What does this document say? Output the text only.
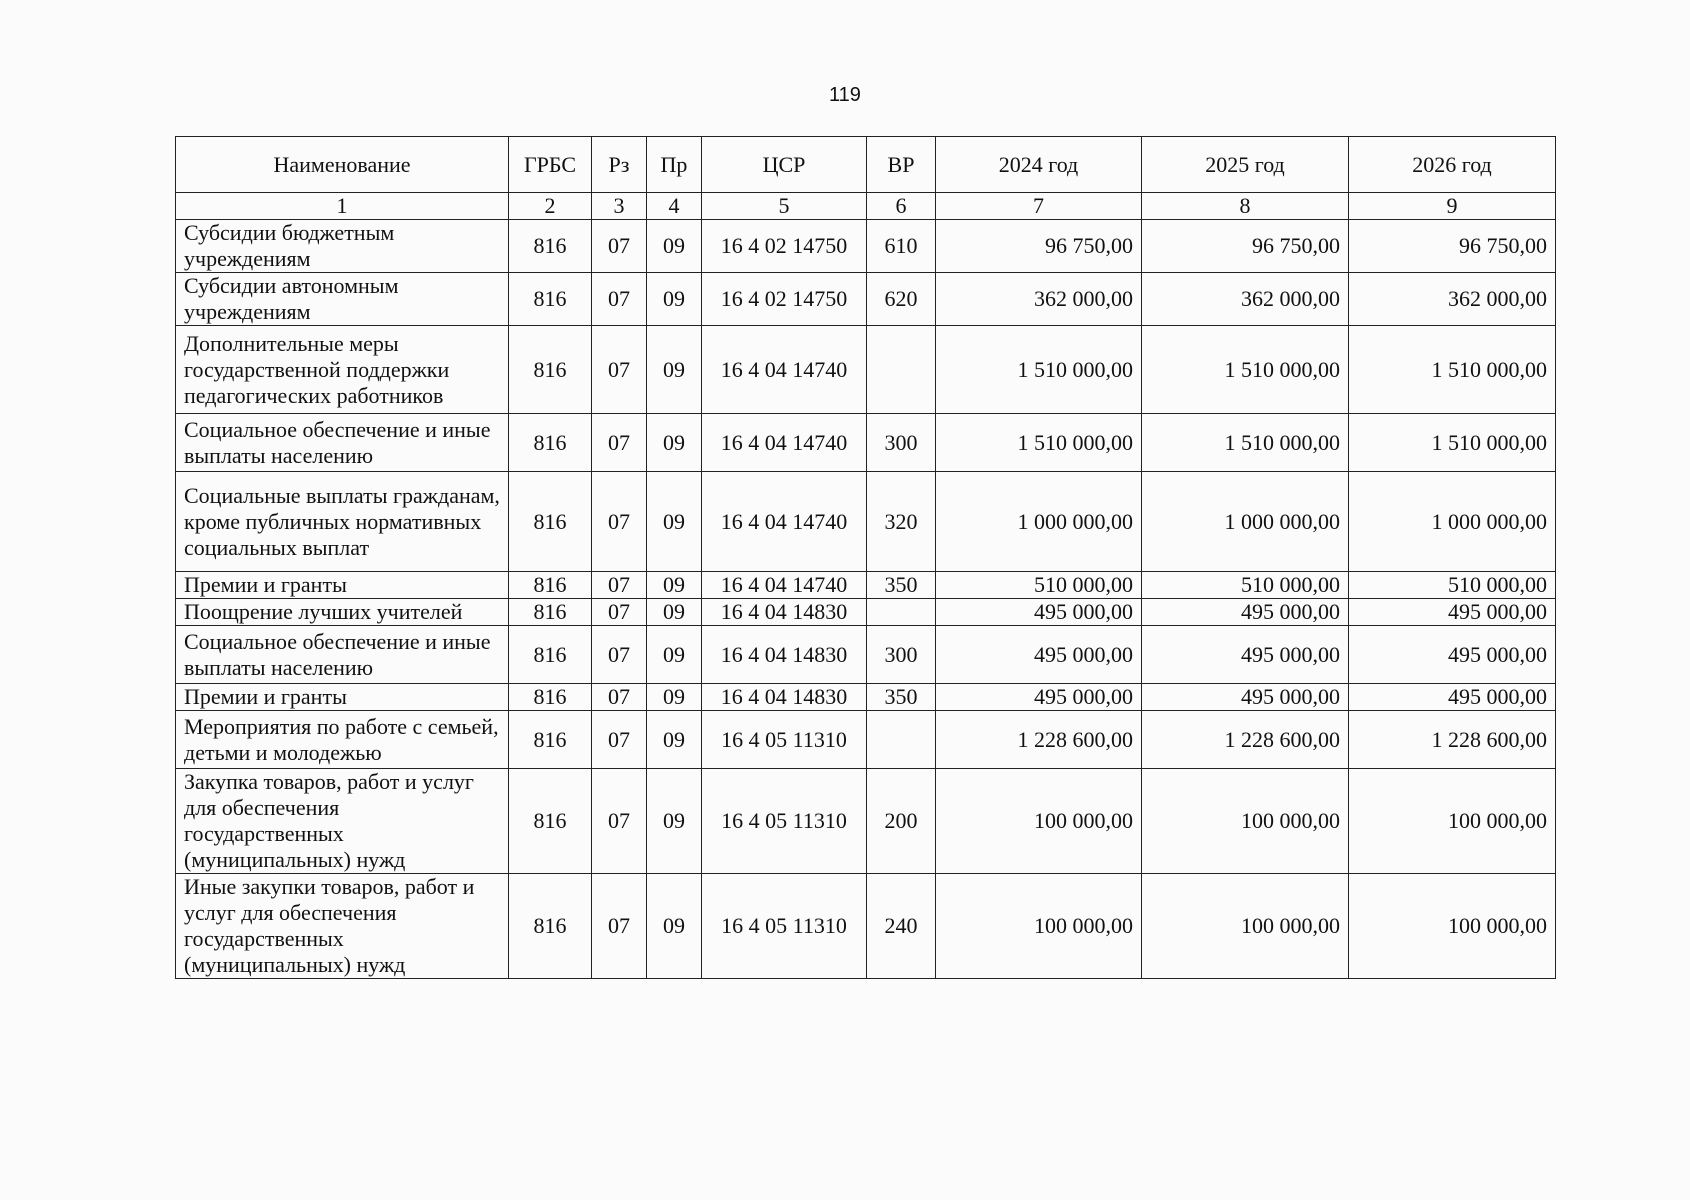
119
Наименование	ГРБС	Рз	Пр	ЦСР	ВР	2024 год	2025 год	2026 год
1	2	3	4	5	6	7	8	9
Субсидии бюджетным учреждениям	816	07	09	16 4 02 14750	610	96 750,00	96 750,00	96 750,00
Субсидии автономным учреждениям	816	07	09	16 4 02 14750	620	362 000,00	362 000,00	362 000,00
Дополнительные меры государственной поддержки педагогических работников	816	07	09	16 4 04 14740		1 510 000,00	1 510 000,00	1 510 000,00
Социальное обеспечение и иные выплаты населению	816	07	09	16 4 04 14740	300	1 510 000,00	1 510 000,00	1 510 000,00
Социальные выплаты гражданам, кроме публичных нормативных социальных выплат	816	07	09	16 4 04 14740	320	1 000 000,00	1 000 000,00	1 000 000,00
Премии и гранты	816	07	09	16 4 04 14740	350	510 000,00	510 000,00	510 000,00
Поощрение лучших учителей	816	07	09	16 4 04 14830		495 000,00	495 000,00	495 000,00
Социальное обеспечение и иные выплаты населению	816	07	09	16 4 04 14830	300	495 000,00	495 000,00	495 000,00
Премии и гранты	816	07	09	16 4 04 14830	350	495 000,00	495 000,00	495 000,00
Мероприятия по работе с семьей, детьми и молодежью	816	07	09	16 4 05 11310		1 228 600,00	1 228 600,00	1 228 600,00
Закупка товаров, работ и услуг для обеспечения государственных (муниципальных) нужд	816	07	09	16 4 05 11310	200	100 000,00	100 000,00	100 000,00
Иные закупки товаров, работ и услуг для обеспечения государственных (муниципальных) нужд	816	07	09	16 4 05 11310	240	100 000,00	100 000,00	100 000,00
